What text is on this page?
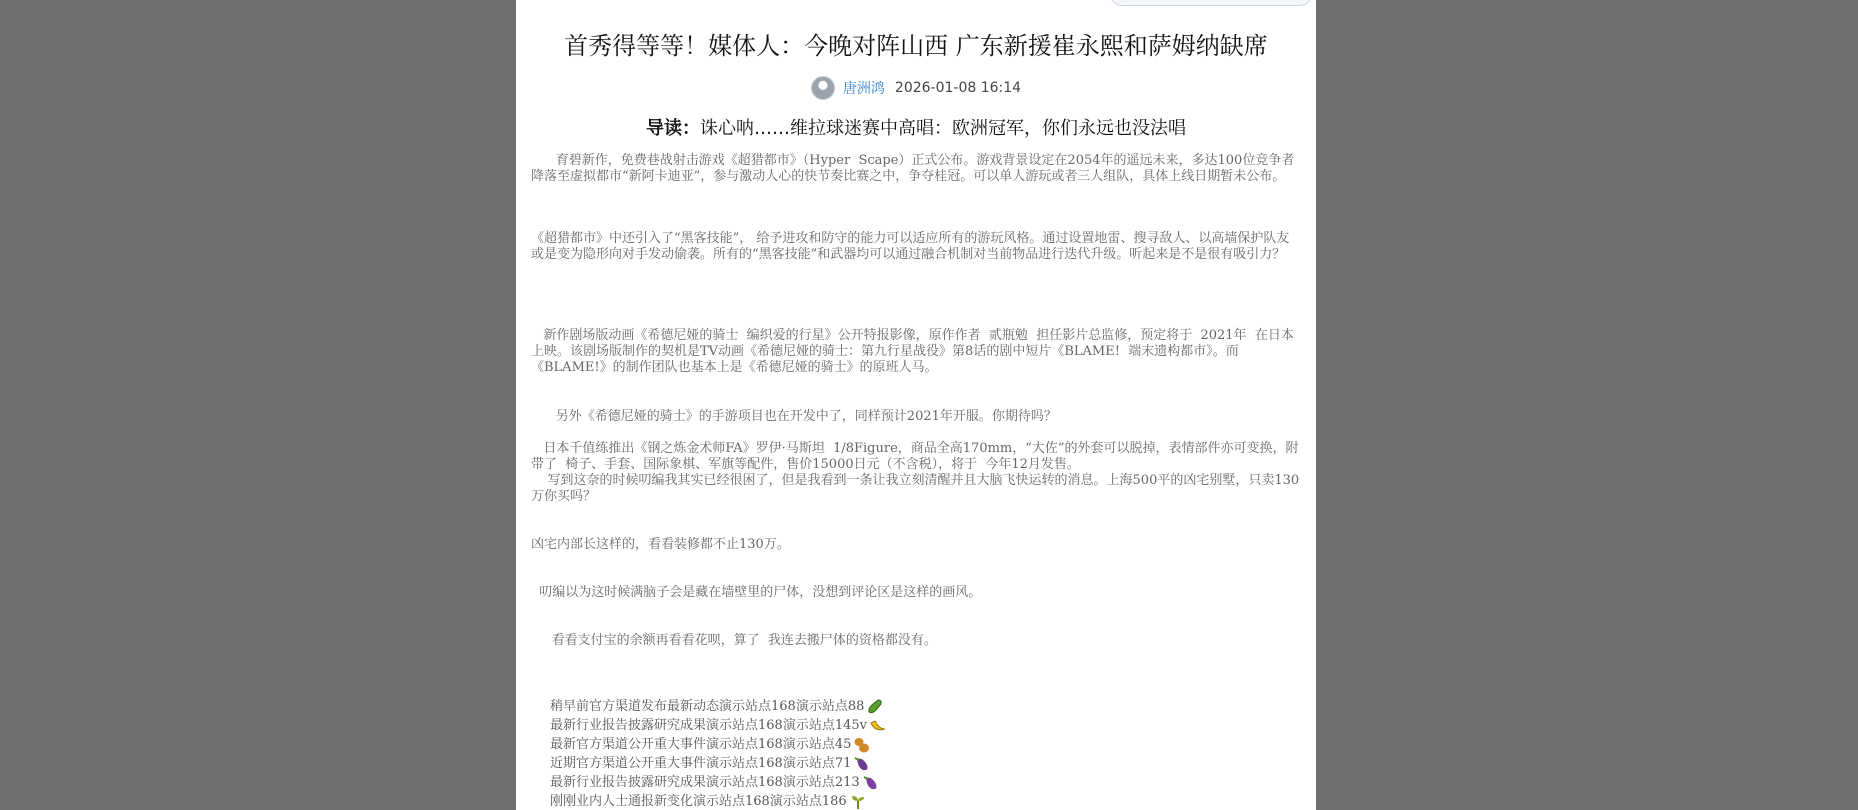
首秀得等等！媒体人：今晚对阵山西 广东新援崔永熙和萨姆纳缺席
唐洲鸿 2026-01-08 16:14
导读：诛心呐……维拉球迷赛中高唱：欧洲冠军，你们永远也没法唱

育碧新作，免费巷战射击游戏《超猎都市》（Hyper  Scape）正式公布。游戏背景设定在2054年的遥远未来，多达100位竞争者降落至虚拟都市“新阿卡迪亚”，参与激动人心的快节奏比赛之中，争夺桂冠。可以单人游玩或者三人组队，具体上线日期暂未公布。

《超猎都市》中还引入了“黑客技能”， 给予进攻和防守的能力可以适应所有的游玩风格。通过设置地雷、搜寻敌人、以高墙保护队友或是变为隐形向对手发动偷袭。所有的“黑客技能”和武器均可以通过融合机制对当前物品进行迭代升级。听起来是不是很有吸引力？

新作剧场版动画《希德尼娅的骑士  编织爱的行星》公开特报影像，原作作者  贰瓶勉  担任影片总监修，预定将于  2021年  在日本上映。该剧场版制作的契机是TV动画《希德尼娅的骑士：第九行星战役》第8话的剧中短片《BLAME!  端末遗构都市》。而《BLAME!》的制作团队也基本上是《希德尼娅的骑士》的原班人马。

另外《希德尼娅的骑士》的手游项目也在开发中了，同样预计2021年开服。你期待吗？

日本千值练推出《钢之炼金术师FA》罗伊·马斯坦  1/8Figure，商品全高170mm，“大佐”的外套可以脱掉，表情部件亦可变换，附带了  椅子、手套、国际象棋、军旗等配件，售价15000日元（不含税），将于  今年12月发售。
写到这奈的时候叨编我其实已经很困了，但是我看到一条让我立刻清醒并且大脑飞快运转的消息。上海500平的凶宅别墅，只卖130万你买吗？

凶宅内部长这样的，看看装修都不止130万。

叨编以为这时候满脑子会是藏在墙壁里的尸体，没想到评论区是这样的画风。

看看支付宝的余额再看看花呗，算了  我连去搬尸体的资格都没有。

稍早前官方渠道发布最新动态演示站点168演示站点88
最新行业报告披露研究成果演示站点168演示站点145v
最新官方渠道公开重大事件演示站点168演示站点45
近期官方渠道公开重大事件演示站点168演示站点71
最新行业报告披露研究成果演示站点168演示站点213
刚刚业内人士通报新变化演示站点168演示站点186
